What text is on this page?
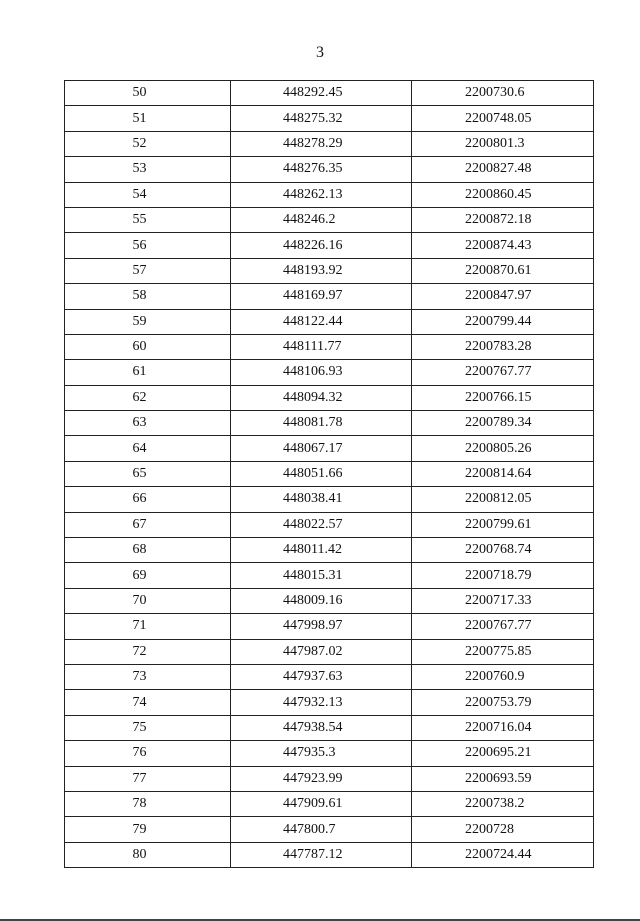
3
50	448292.45	2200730.6
51	448275.32	2200748.05
52	448278.29	2200801.3
53	448276.35	2200827.48
54	448262.13	2200860.45
55	448246.2	2200872.18
56	448226.16	2200874.43
57	448193.92	2200870.61
58	448169.97	2200847.97
59	448122.44	2200799.44
60	448111.77	2200783.28
61	448106.93	2200767.77
62	448094.32	2200766.15
63	448081.78	2200789.34
64	448067.17	2200805.26
65	448051.66	2200814.64
66	448038.41	2200812.05
67	448022.57	2200799.61
68	448011.42	2200768.74
69	448015.31	2200718.79
70	448009.16	2200717.33
71	447998.97	2200767.77
72	447987.02	2200775.85
73	447937.63	2200760.9
74	447932.13	2200753.79
75	447938.54	2200716.04
76	447935.3	2200695.21
77	447923.99	2200693.59
78	447909.61	2200738.2
79	447800.7	2200728
80	447787.12	2200724.44
